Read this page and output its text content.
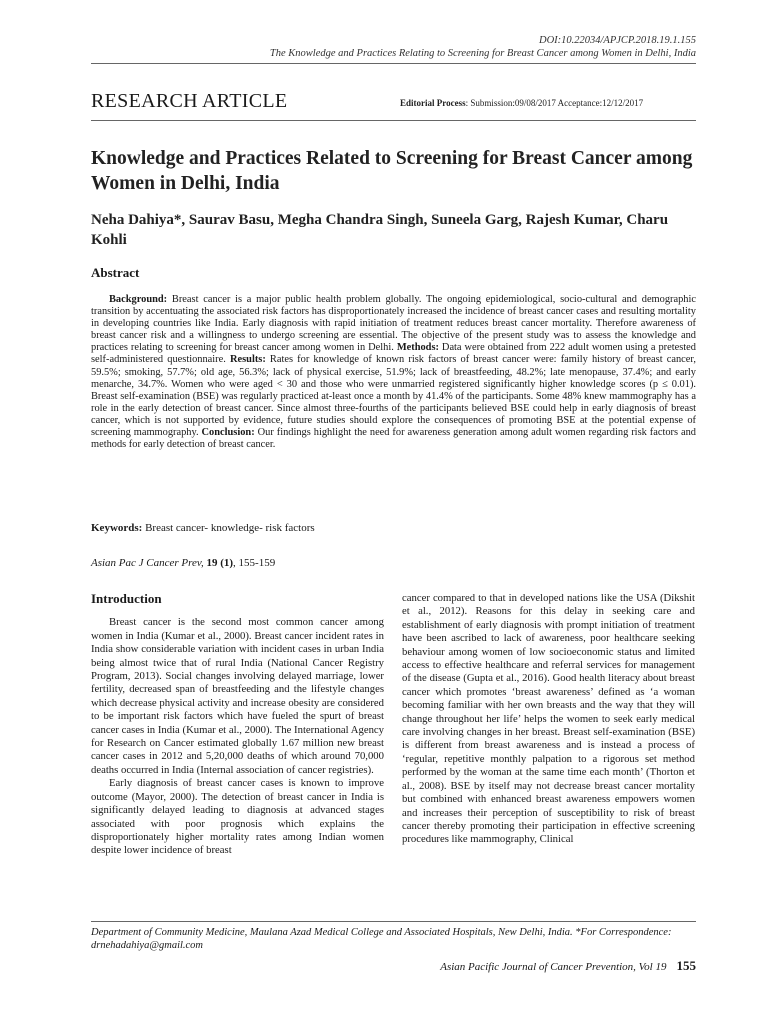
DOI:10.22034/APJCP.2018.19.1.155
The Knowledge and Practices Relating to Screening for Breast Cancer among Women in Delhi, India
RESEARCH ARTICLE	Editorial Process: Submission:09/08/2017 Acceptance:12/12/2017
Knowledge and Practices Related to Screening for Breast Cancer among Women in Delhi, India
Neha Dahiya*, Saurav Basu, Megha Chandra Singh, Suneela Garg, Rajesh Kumar, Charu Kohli
Abstract
Background: Breast cancer is a major public health problem globally. The ongoing epidemiological, socio-cultural and demographic transition by accentuating the associated risk factors has disproportionately increased the incidence of breast cancer cases and resulting mortality in developing countries like India. Early diagnosis with rapid initiation of treatment reduces breast cancer mortality. Therefore awareness of breast cancer risk and a willingness to undergo screening are essential. The objective of the present study was to assess the knowledge and practices relating to screening for breast cancer among women in Delhi. Methods: Data were obtained from 222 adult women using a pretested self-administered questionnaire. Results: Rates for knowledge of known risk factors of breast cancer were: family history of breast cancer, 59.5%; smoking, 57.7%; old age, 56.3%; lack of physical exercise, 51.9%; lack of breastfeeding, 48.2%; late menopause, 37.4%; and early menarche, 34.7%. Women who were aged < 30 and those who were unmarried registered significantly higher knowledge scores (p ≤ 0.01). Breast self-examination (BSE) was regularly practiced at-least once a month by 41.4% of the participants. Some 48% knew mammography has a role in the early detection of breast cancer. Since almost three-fourths of the participants believed BSE could help in early diagnosis of breast cancer, which is not supported by evidence, future studies should explore the consequences of promoting BSE at the potential expense of screening mammography. Conclusion: Our findings highlight the need for awareness generation among adult women regarding risk factors and methods for early detection of breast cancer.
Keywords: Breast cancer- knowledge- risk factors
Asian Pac J Cancer Prev, 19 (1), 155-159
Introduction

Breast cancer is the second most common cancer among women in India (Kumar et al., 2000). Breast cancer incident rates in India show considerable variation with incident cases in urban India being almost twice that of rural India (National Cancer Registry Program, 2013). Social changes involving delayed marriage, lower fertility, decreased span of breastfeeding and the lifestyle changes which decrease physical activity and increase obesity are considered to be important risk factors which have fueled the spurt of breast cancer cases in India (Kumar et al., 2000). The International Agency for Research on Cancer estimated globally 1.67 million new breast cancer cases in 2012 and 5,20,000 deaths of which around 70,000 deaths occurred in India (Internal association of cancer registries).

Early diagnosis of breast cancer cases is known to improve outcome (Mayor, 2000). The detection of breast cancer in India is significantly delayed leading to diagnosis at advanced stages associated with poor prognosis which explains the disproportionately higher mortality rates among Indian women despite lower incidence of breast

cancer compared to that in developed nations like the USA (Dikshit et al., 2012). Reasons for this delay in seeking care and establishment of early diagnosis with prompt initiation of treatment have been ascribed to lack of awareness, poor healthcare seeking behaviour among women of low socioeconomic status and limited access to effective healthcare and referral services for management of the disease (Gupta et al., 2016). Good health literacy about breast cancer which promotes ‘breast awareness’ defined as ‘a woman becoming familiar with her own breasts and the way that they will change throughout her life’ helps the women to seek early medical care involving changes in her breast. Breast self-examination (BSE) is different from breast awareness and is instead a process of ‘regular, repetitive monthly palpation to a rigorous set method performed by the woman at the same time each month’ (Thorton et al., 2008). BSE by itself may not decrease breast cancer mortality but combined with enhanced breast awareness empowers women and increases their perception of susceptibility to risk of breast cancer thereby promoting their participation in effective screening procedures like mammography, Clinical

Department of Community Medicine, Maulana Azad Medical College and Associated Hospitals, New Delhi, India. *For Correspondence: drnehadahiya@gmail.com
Asian Pacific Journal of Cancer Prevention, Vol 19 155
